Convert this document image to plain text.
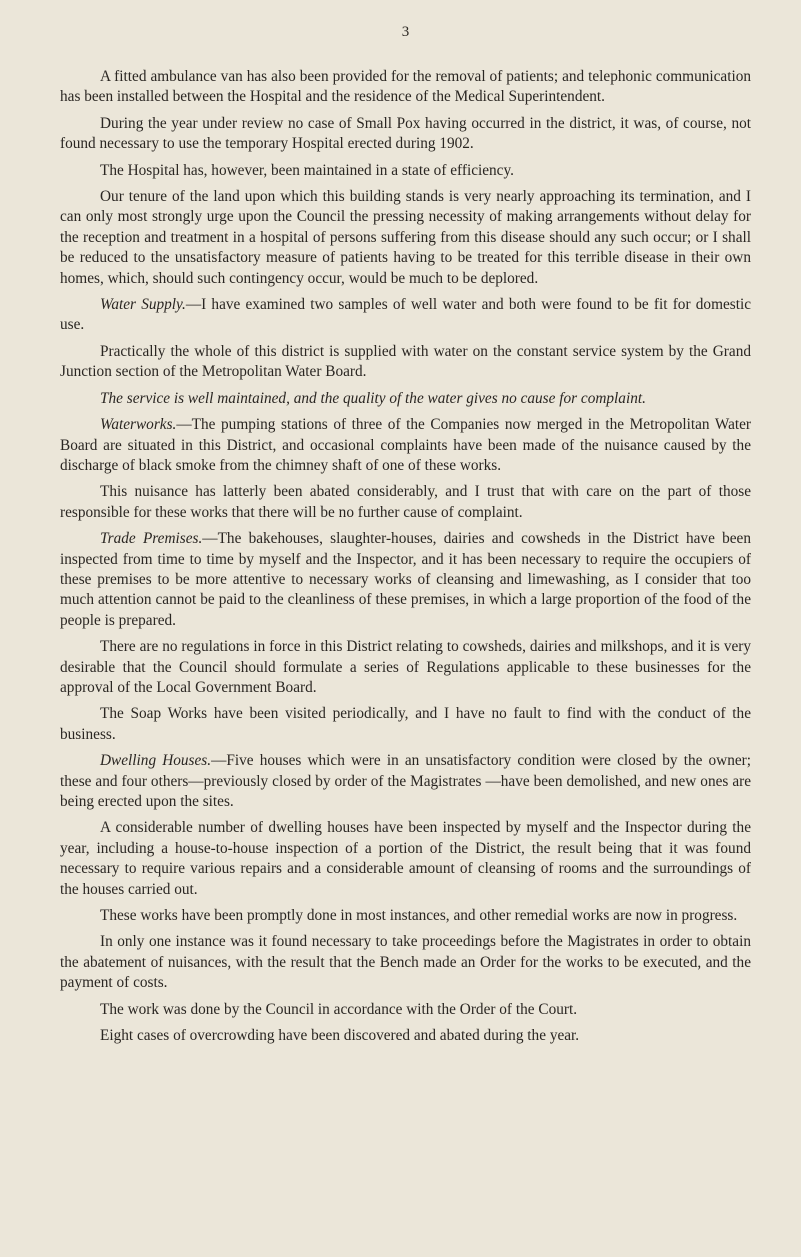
3

A fitted ambulance van has also been provided for the removal of patients; and telephonic communication has been installed between the Hospital and the residence of the Medical Superintendent.

During the year under review no case of Small Pox having occurred in the district, it was, of course, not found necessary to use the temporary Hospital erected during 1902.

The Hospital has, however, been maintained in a state of efficiency.

Our tenure of the land upon which this building stands is very nearly approaching its termination, and I can only most strongly urge upon the Council the pressing necessity of making arrangements without delay for the reception and treatment in a hospital of persons suffering from this disease should any such occur; or I shall be reduced to the unsatisfactory measure of patients having to be treated for this terrible disease in their own homes, which, should such contingency occur, would be much to be deplored.

Water Supply.—I have examined two samples of well water and both were found to be fit for domestic use.

Practically the whole of this district is supplied with water on the constant service system by the Grand Junction section of the Metropolitan Water Board.

The service is well maintained, and the quality of the water gives no cause for complaint.

Waterworks.—The pumping stations of three of the Companies now merged in the Metropolitan Water Board are situated in this District, and occasional complaints have been made of the nuisance caused by the discharge of black smoke from the chimney shaft of one of these works.

This nuisance has latterly been abated considerably, and I trust that with care on the part of those responsible for these works that there will be no further cause of complaint.

Trade Premises.—The bakehouses, slaughter-houses, dairies and cowsheds in the District have been inspected from time to time by myself and the Inspector, and it has been necessary to require the occupiers of these premises to be more attentive to necessary works of cleansing and limewashing, as I consider that too much attention cannot be paid to the cleanliness of these premises, in which a large proportion of the food of the people is prepared.

There are no regulations in force in this District relating to cowsheds, dairies and milkshops, and it is very desirable that the Council should formulate a series of Regulations applicable to these businesses for the approval of the Local Government Board.

The Soap Works have been visited periodically, and I have no fault to find with the conduct of the business.

Dwelling Houses.—Five houses which were in an unsatisfactory condition were closed by the owner; these and four others—previously closed by order of the Magistrates —have been demolished, and new ones are being erected upon the sites.

A considerable number of dwelling houses have been inspected by myself and the Inspector during the year, including a house-to-house inspection of a portion of the District, the result being that it was found necessary to require various repairs and a considerable amount of cleansing of rooms and the surroundings of the houses carried out.

These works have been promptly done in most instances, and other remedial works are now in progress.

In only one instance was it found necessary to take proceedings before the Magistrates in order to obtain the abatement of nuisances, with the result that the Bench made an Order for the works to be executed, and the payment of costs.

The work was done by the Council in accordance with the Order of the Court.

Eight cases of overcrowding have been discovered and abated during the year.
